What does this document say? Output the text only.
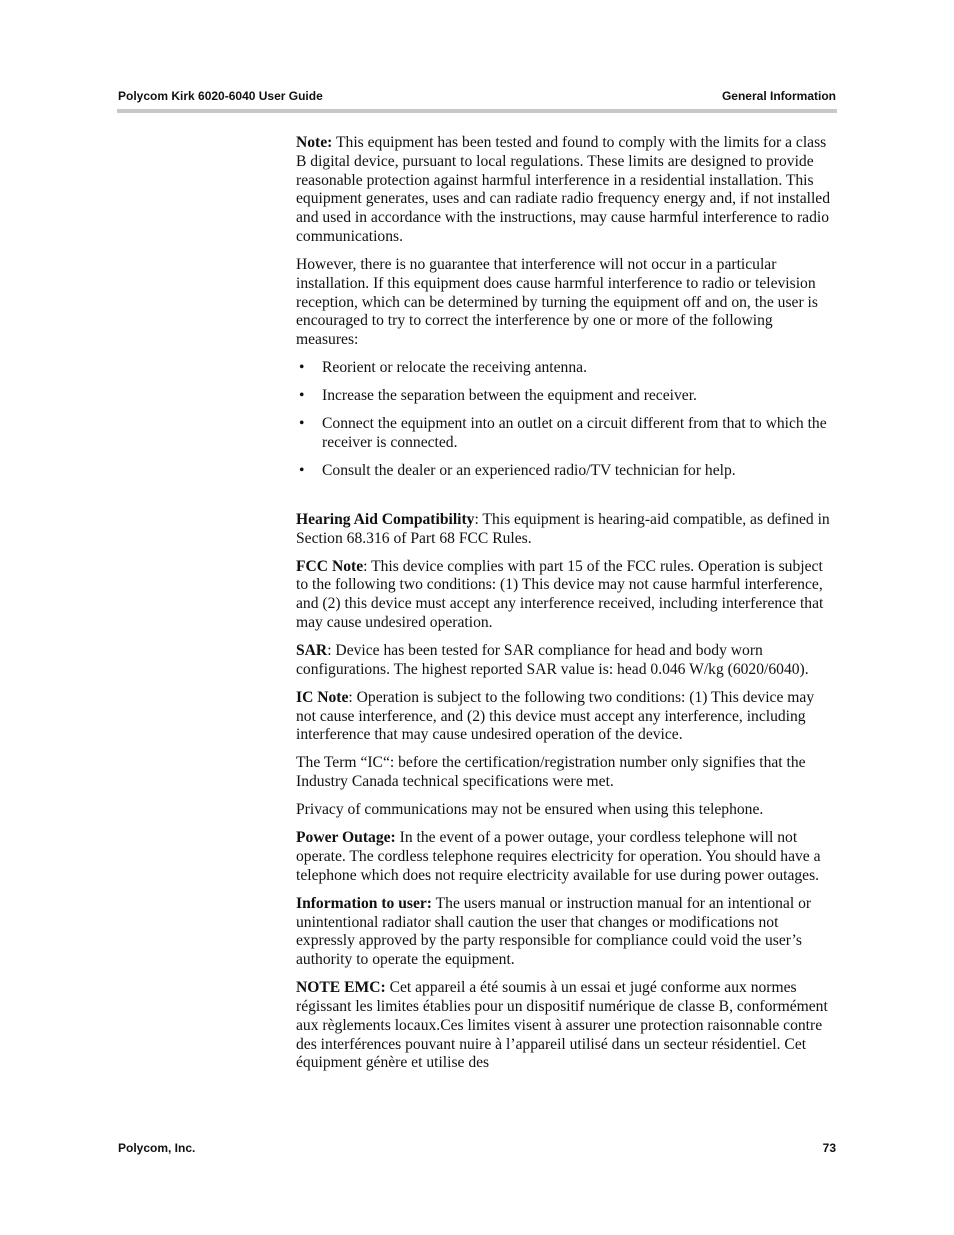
Polycom Kirk 6020-6040 User Guide	General Information

Note: This equipment has been tested and found to comply with the limits for a class B digital device, pursuant to local regulations. These limits are designed to provide reasonable protection against harmful interference in a residential installation. This equipment generates, uses and can radiate radio frequency energy and, if not installed and used in accordance with the instructions, may cause harmful interference to radio communications.

However, there is no guarantee that interference will not occur in a particular installation. If this equipment does cause harmful interference to radio or television reception, which can be determined by turning the equipment off and on, the user is encouraged to try to correct the interference by one or more of the following measures:

• Reorient or relocate the receiving antenna.
• Increase the separation between the equipment and receiver.
• Connect the equipment into an outlet on a circuit different from that to which the receiver is connected.
• Consult the dealer or an experienced radio/TV technician for help.

Hearing Aid Compatibility: This equipment is hearing-aid compatible, as defined in Section 68.316 of Part 68 FCC Rules.

FCC Note: This device complies with part 15 of the FCC rules. Operation is subject to the following two conditions: (1) This device may not cause harmful interference, and (2) this device must accept any interference received, including interference that may cause undesired operation.

SAR: Device has been tested for SAR compliance for head and body worn configurations. The highest reported SAR value is: head 0.046 W/kg (6020/6040).

IC Note: Operation is subject to the following two conditions: (1) This device may not cause interference, and (2) this device must accept any interference, including interference that may cause undesired operation of the device.

The Term “IC“: before the certification/registration number only signifies that the Industry Canada technical specifications were met.

Privacy of communications may not be ensured when using this telephone.

Power Outage: In the event of a power outage, your cordless telephone will not operate. The cordless telephone requires electricity for operation. You should have a telephone which does not require electricity available for use during power outages.

Information to user: The users manual or instruction manual for an intentional or unintentional radiator shall caution the user that changes or modifications not expressly approved by the party responsible for compliance could void the user’s authority to operate the equipment.

NOTE EMC: Cet appareil a été soumis à un essai et jugé conforme aux normes régissant les limites établies pour un dispositif numérique de classe B, conformément aux règlements locaux.Ces limites visent à assurer une protection raisonnable contre des interférences pouvant nuire à l’appareil utilisé dans un secteur résidentiel. Cet équipment génère et utilise des

Polycom, Inc.	73
